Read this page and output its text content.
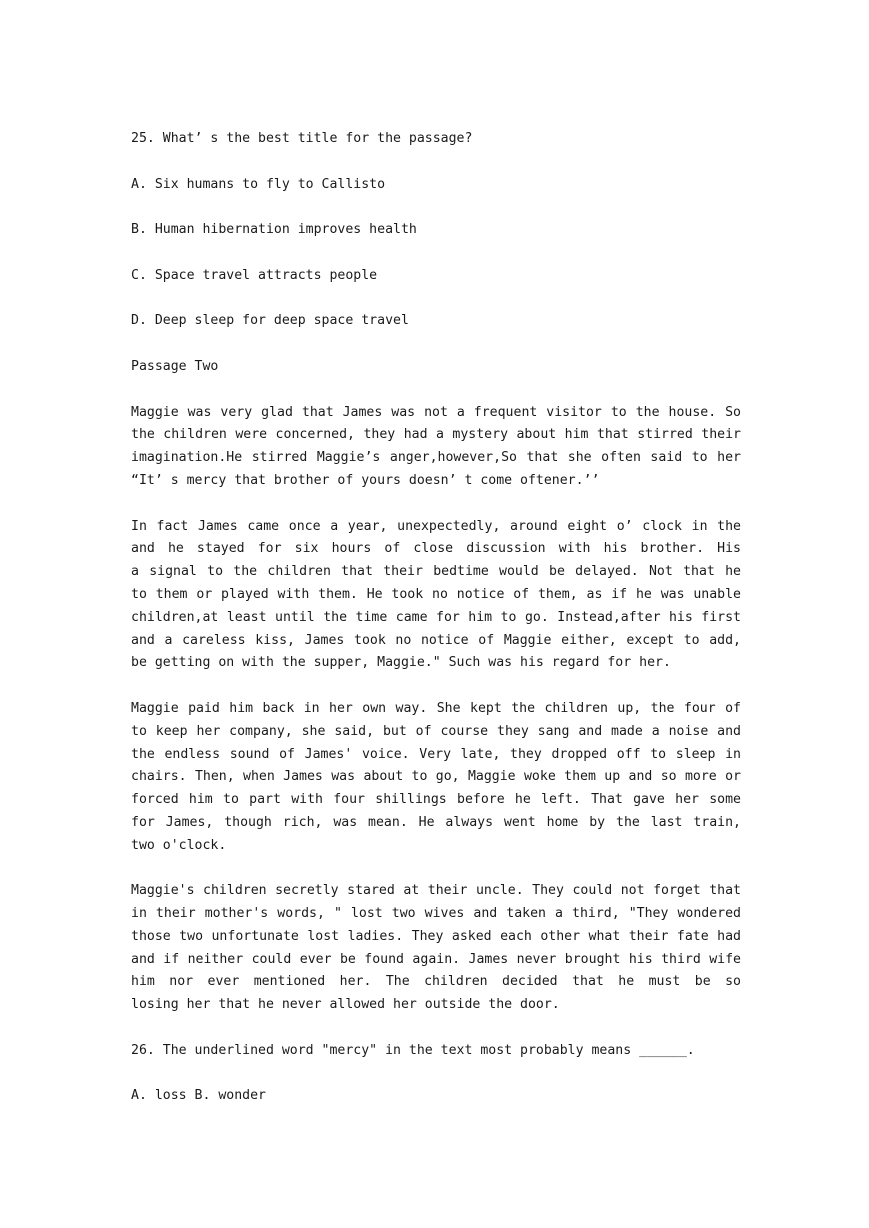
25. What’ s the best title for the passage?

A. Six humans to fly to Callisto

B. Human hibernation improves health

C. Space travel attracts people

D. Deep sleep for deep space travel

Passage Two

Maggie was very glad that James was not a frequent visitor to the house. So

the children were concerned, they had a mystery about him that stirred their

imagination.He stirred Maggie’s anger,however,So that she often said to her

“It’ s mercy that brother of yours doesn’ t come oftener.’’

In fact James came once a year, unexpectedly, around eight o’ clock in the

and he stayed for six hours of close discussion with his brother. His

a signal to the children that their bedtime would be delayed. Not that he

to them or played with them. He took no notice of them, as if he was unable

children,at least until the time came for him to go. Instead,after his first

and a careless kiss, James took no notice of Maggie either, except to add,

be getting on with the supper, Maggie." Such was his regard for her.

Maggie paid him back in her own way. She kept the children up, the four of

to keep her company, she said, but of course they sang and made a noise and

the endless sound of James' voice. Very late, they dropped off to sleep in

chairs. Then, when James was about to go, Maggie woke them up and so more or

forced him to part with four shillings before he left. That gave her some

for James, though rich, was mean. He always went home by the last train,

two o'clock.

Maggie's children secretly stared at their uncle. They could not forget that

in their mother's words, " lost two wives and taken a third, "They wondered

those two unfortunate lost ladies. They asked each other what their fate had

and if neither could ever be found again. James never brought his third wife

him nor ever mentioned her. The children decided that he must be so

losing her that he never allowed her outside the door.

26. The underlined word "mercy" in the text most probably means ______.

A. loss B. wonder
